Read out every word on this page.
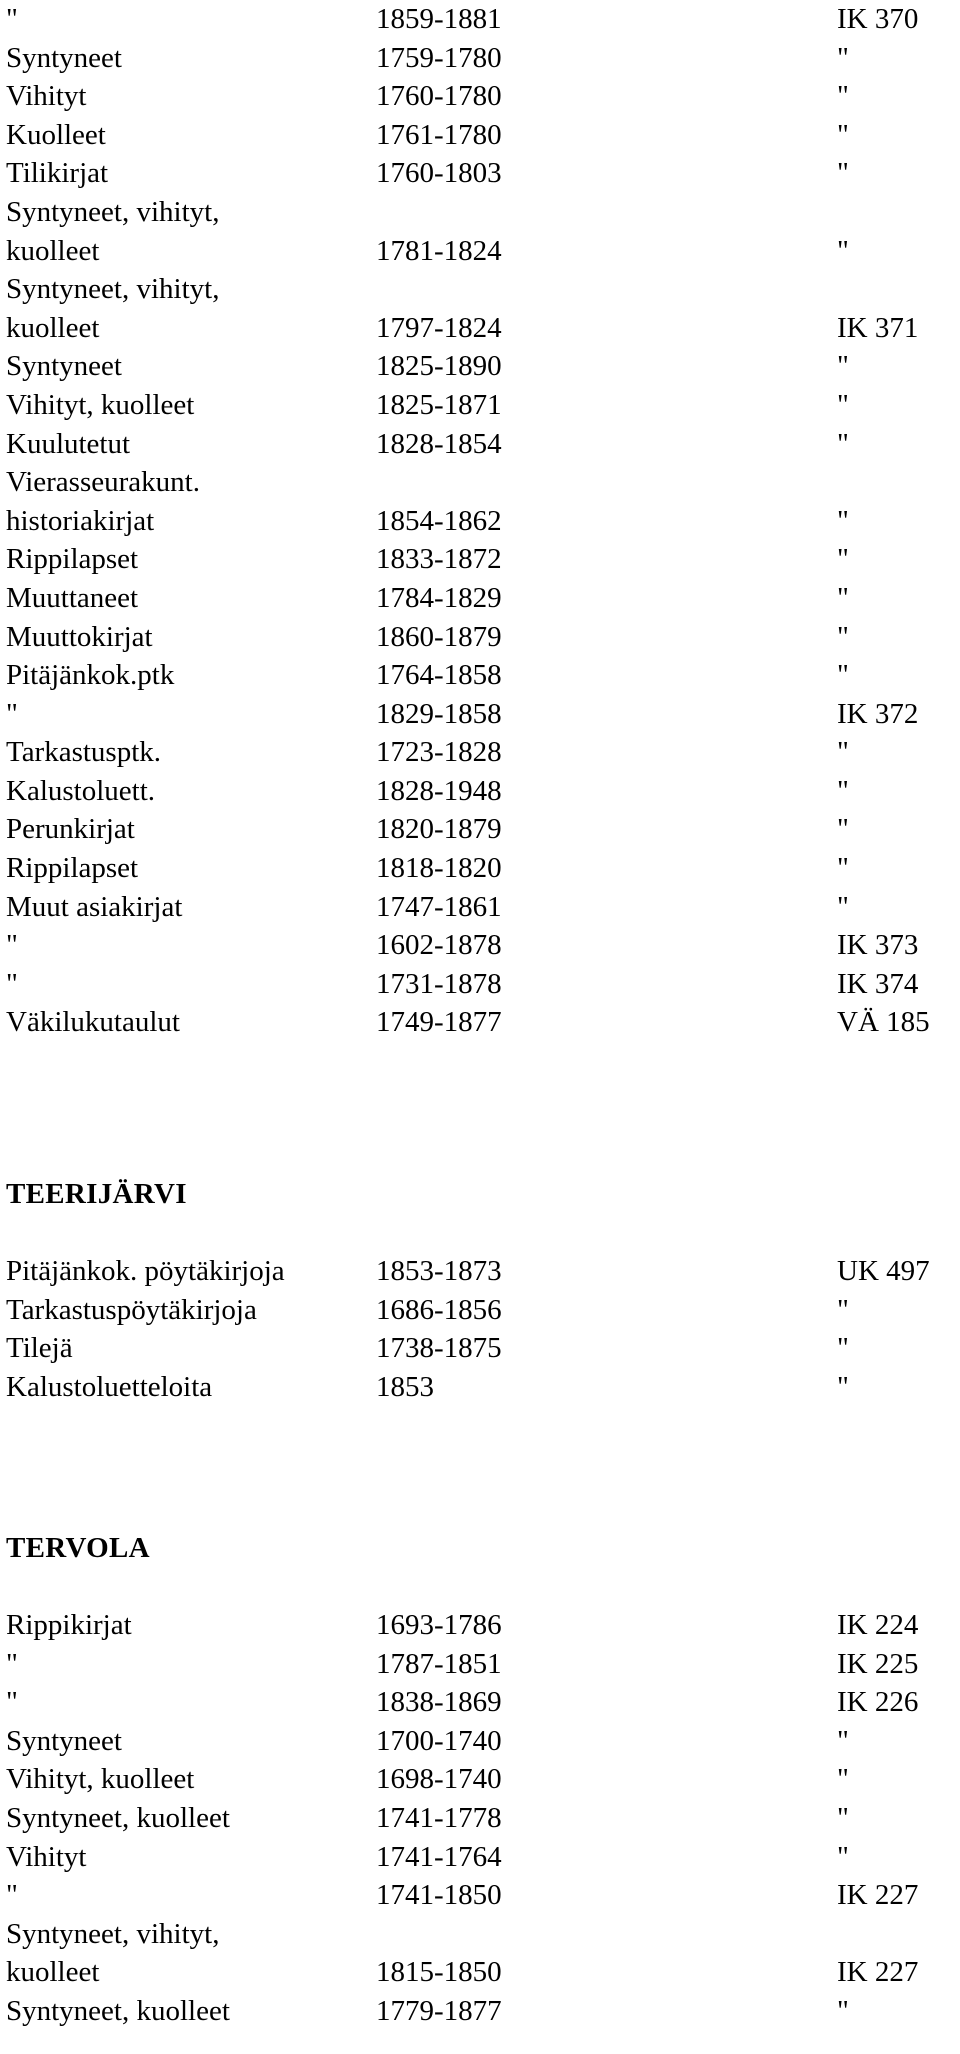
"	1859-1881	IK 370
Syntyneet	1759-1780	"
Vihityt	1760-1780	"
Kuolleet	1761-1780	"
Tilikirjat	1760-1803	"
Syntyneet, vihityt,
kuolleet	1781-1824	"
Syntyneet, vihityt,
kuolleet	1797-1824	IK 371
Syntyneet	1825-1890	"
Vihityt, kuolleet	1825-1871	"
Kuulutetut	1828-1854	"
Vierasseurakunt.
historiakirjat	1854-1862	"
Rippilapset	1833-1872	"
Muuttaneet	1784-1829	"
Muuttokirjat	1860-1879	"
Pitäjänkok.ptk	1764-1858	"
"	1829-1858	IK 372
Tarkastusptk.	1723-1828	"
Kalustoluett.	1828-1948	"
Perunkirjat	1820-1879	"
Rippilapset	1818-1820	"
Muut asiakirjat	1747-1861	"
"	1602-1878	IK 373
"	1731-1878	IK 374
Väkilukutaulut	1749-1877	VÄ 185
TEERIJÄRVI
Pitäjänkok. pöytäkirjoja	1853-1873	UK 497
Tarkastuspöytäkirjoja	1686-1856	"
Tilejä	1738-1875	"
Kalustoluetteloita	1853	"
TERVOLA
Rippikirjat	1693-1786	IK 224
"	1787-1851	IK 225
"	1838-1869	IK 226
Syntyneet	1700-1740	"
Vihityt, kuolleet	1698-1740	"
Syntyneet, kuolleet	1741-1778	"
Vihityt	1741-1764	"
"	1741-1850	IK 227
Syntyneet, vihityt,
kuolleet	1815-1850	IK 227
Syntyneet, kuolleet	1779-1877	"
